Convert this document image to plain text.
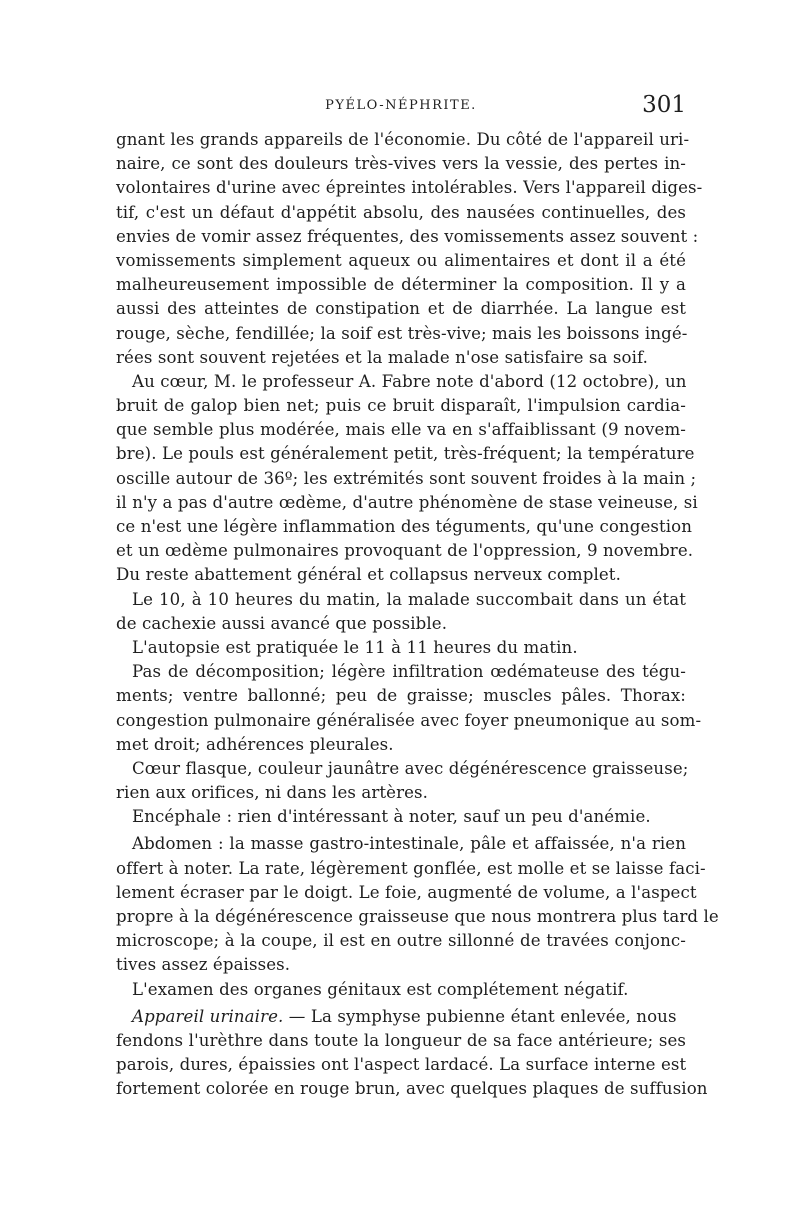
PYÉLO-NÉPHRITE.	301
gnant les grands appareils de l'économie. Du côté de l'appareil uri-
naire, ce sont des douleurs très-vives vers la vessie, des pertes in-
volontaires d'urine avec épreintes intolérables. Vers l'appareil diges-
tif, c'est un défaut d'appétit absolu, des nausées continuelles, des
envies de vomir assez fréquentes, des vomissements assez souvent :
vomissements simplement aqueux ou alimentaires et dont il a été
malheureusement impossible de déterminer la composition. Il y a
aussi des atteintes de constipation et de diarrhée. La langue est
rouge, sèche, fendillée; la soif est très-vive; mais les boissons ingé-
rées sont souvent rejetées et la malade n'ose satisfaire sa soif.
Au cœur, M. le professeur A. Fabre note d'abord (12 octobre), un
bruit de galop bien net; puis ce bruit disparaît, l'impulsion cardia-
que semble plus modérée, mais elle va en s'affaiblissant (9 novem-
bre). Le pouls est généralement petit, très-fréquent; la température
oscille autour de 36º; les extrémités sont souvent froides à la main ;
il n'y a pas d'autre œdème, d'autre phénomène de stase veineuse, si
ce n'est une légère inflammation des téguments, qu'une congestion
et un œdème pulmonaires provoquant de l'oppression, 9 novembre.
Du reste abattement général et collapsus nerveux complet.
Le 10, à 10 heures du matin, la malade succombait dans un état
de cachexie aussi avancé que possible.
L'autopsie est pratiquée le 11 à 11 heures du matin.
Pas de décomposition; légère infiltration œdémateuse des tégu-
ments; ventre ballonné; peu de graisse; muscles pâles. Thorax:
congestion pulmonaire généralisée avec foyer pneumonique au som-
met droit; adhérences pleurales.
Cœur flasque, couleur jaunâtre avec dégénérescence graisseuse;
rien aux orifices, ni dans les artères.
Encéphale : rien d'intéressant à noter, sauf un peu d'anémie.
Abdomen : la masse gastro-intestinale, pâle et affaissée, n'a rien
offert à noter. La rate, légèrement gonflée, est molle et se laisse faci-
lement écraser par le doigt. Le foie, augmenté de volume, a l'aspect
propre à la dégénérescence graisseuse que nous montrera plus tard le
microscope; à la coupe, il est en outre sillonné de travées conjonc-
tives assez épaisses.
L'examen des organes génitaux est complétement négatif.
Appareil urinaire. — La symphyse pubienne étant enlevée, nous
fendons l'urèthre dans toute la longueur de sa face antérieure; ses
parois, dures, épaissies ont l'aspect lardacé. La surface interne est
fortement colorée en rouge brun, avec quelques plaques de suffusion
